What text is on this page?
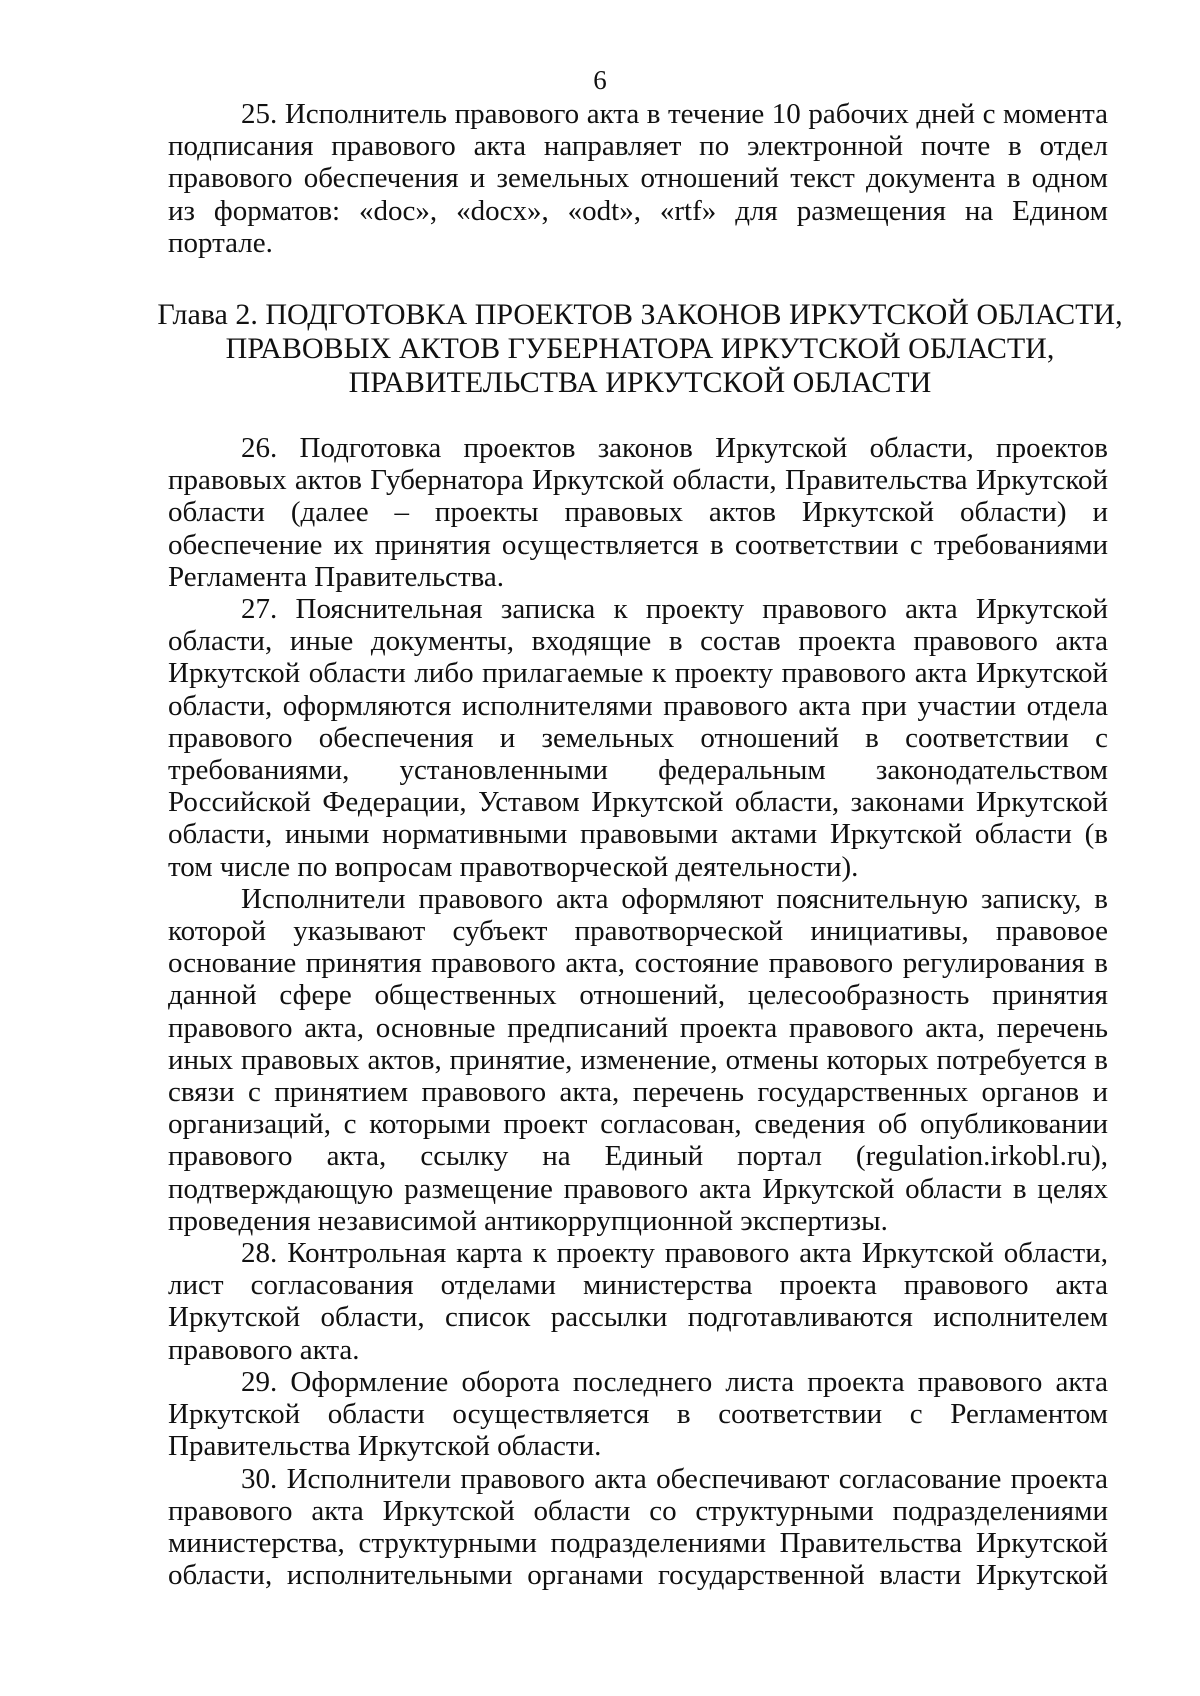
6

25. Исполнитель правового акта в течение 10 рабочих дней с момента подписания правового акта направляет по электронной почте в отдел правового обеспечения и земельных отношений текст документа в одном из форматов: «doc», «docx», «odt», «rtf» для размещения на Едином портале.

Глава 2. ПОДГОТОВКА ПРОЕКТОВ ЗАКОНОВ ИРКУТСКОЙ ОБЛАСТИ,
ПРАВОВЫХ АКТОВ ГУБЕРНАТОРА ИРКУТСКОЙ ОБЛАСТИ,
ПРАВИТЕЛЬСТВА ИРКУТСКОЙ ОБЛАСТИ

26. Подготовка проектов законов Иркутской области, проектов правовых актов Губернатора Иркутской области, Правительства Иркутской области (далее – проекты правовых актов Иркутской области) и обеспечение их принятия осуществляется в соответствии с требованиями Регламента Правительства.

27. Пояснительная записка к проекту правового акта Иркутской области, иные документы, входящие в состав проекта правового акта Иркутской области либо прилагаемые к проекту правового акта Иркутской области, оформляются исполнителями правового акта при участии отдела правового обеспечения и земельных отношений в соответствии с требованиями, установленными федеральным законодательством Российской Федерации, Уставом Иркутской области, законами Иркутской области, иными нормативными правовыми актами Иркутской области (в том числе по вопросам правотворческой деятельности).

Исполнители правового акта оформляют пояснительную записку, в которой указывают субъект правотворческой инициативы, правовое основание принятия правового акта, состояние правового регулирования в данной сфере общественных отношений, целесообразность принятия правового акта, основные предписаний проекта правового акта, перечень иных правовых актов, принятие, изменение, отмены которых потребуется в связи с принятием правового акта, перечень государственных органов и организаций, с которыми проект согласован, сведения об опубликовании правового акта, ссылку на Единый портал (regulation.irkobl.ru), подтверждающую размещение правового акта Иркутской области в целях проведения независимой антикоррупционной экспертизы.

28. Контрольная карта к проекту правового акта Иркутской области, лист согласования отделами министерства проекта правового акта Иркутской области, список рассылки подготавливаются исполнителем правового акта.

29. Оформление оборота последнего листа проекта правового акта Иркутской области осуществляется в соответствии с Регламентом Правительства Иркутской области.

30. Исполнители правового акта обеспечивают согласование проекта правового акта Иркутской области со структурными подразделениями министерства, структурными подразделениями Правительства Иркутской области, исполнительными органами государственной власти Иркутской
